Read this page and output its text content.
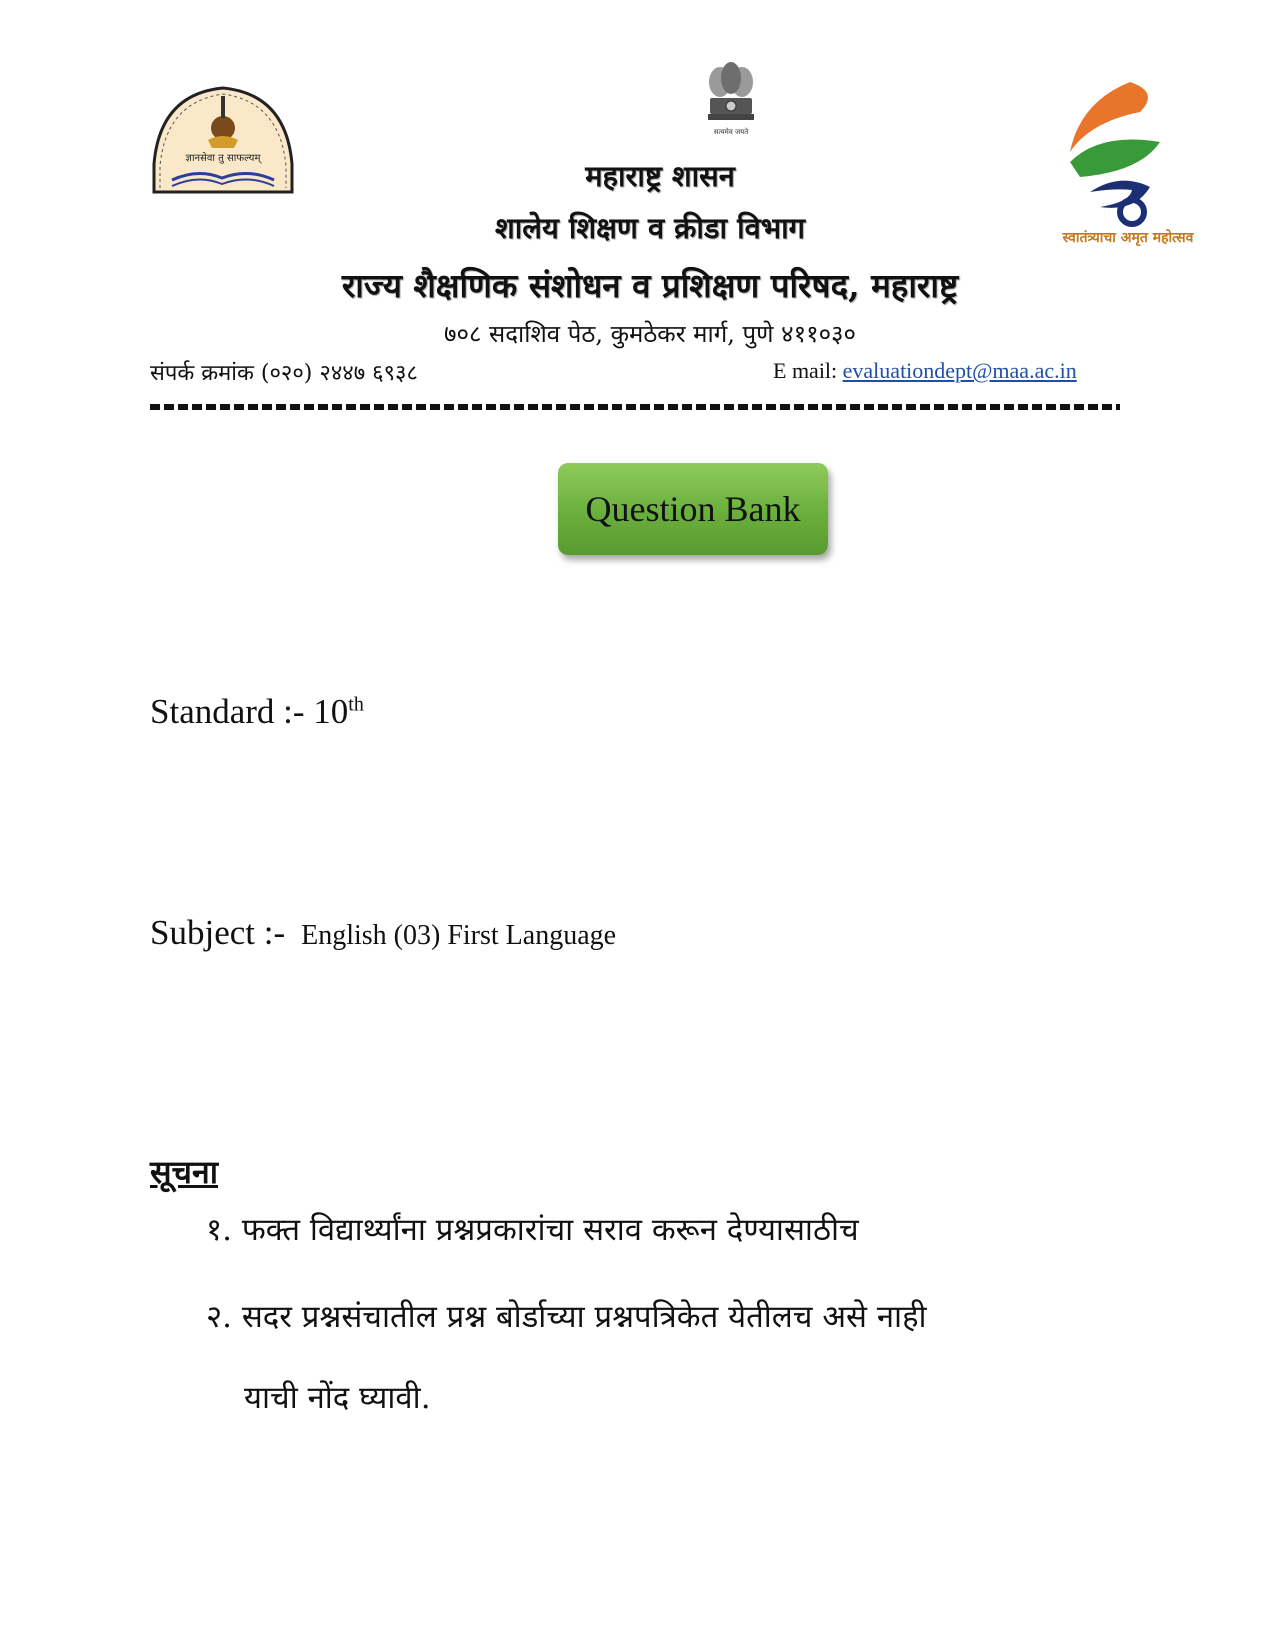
ज्ञानसेवा तु साफल्यम्
सत्यमेव जयते
स्वातंत्र्याचा अमृत महोत्सव
महाराष्ट्र शासन
शालेय शिक्षण व क्रीडा विभाग
राज्य शैक्षणिक संशोधन व प्रशिक्षण परिषद, महाराष्ट्र
७०८ सदाशिव पेठ, कुमठेकर मार्ग, पुणे ४११०३०
संपर्क क्रमांक (०२०) २४४७ ६९३८	E mail: evaluationdept@maa.ac.in
Question Bank
Standard :- 10th
Subject :- English (03) First Language
सूचना
१. फक्त विद्यार्थ्यांना प्रश्नप्रकारांचा सराव करून देण्यासाठीच
२. सदर प्रश्नसंचातील प्रश्न बोर्डाच्या प्रश्नपत्रिकेत येतीलच असे नाही
याची नोंद घ्यावी.
